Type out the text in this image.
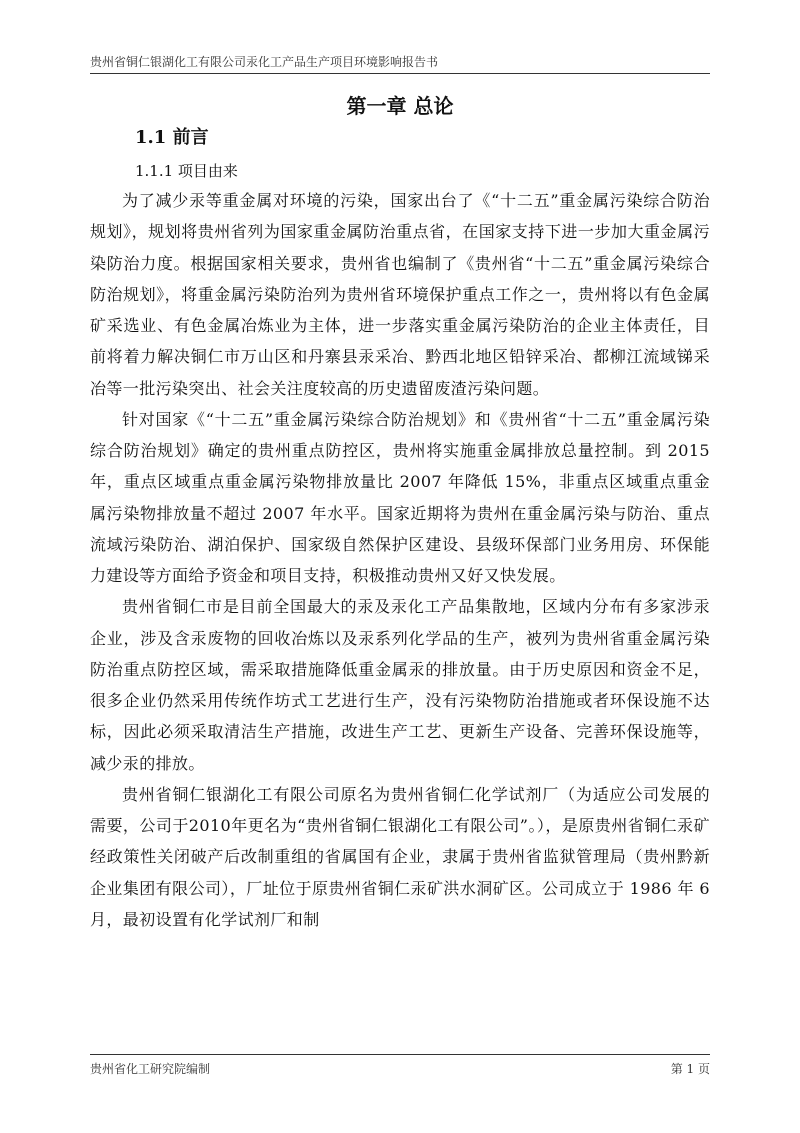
贵州省铜仁银湖化工有限公司汞化工产品生产项目环境影响报告书
第一章 总论
1.1 前言
1.1.1 项目由来

为了减少汞等重金属对环境的污染，国家出台了《“十二五”重金属污染综合防治规划》，规划将贵州省列为国家重金属防治重点省，在国家支持下进一步加大重金属污染防治力度。根据国家相关要求，贵州省也编制了《贵州省“十二五”重金属污染综合防治规划》，将重金属污染防治列为贵州省环境保护重点工作之一，贵州将以有色金属矿采选业、有色金属冶炼业为主体，进一步落实重金属污染防治的企业主体责任，目前将着力解决铜仁市万山区和丹寨县汞采冶、黔西北地区铅锌采冶、都柳江流域锑采冶等一批污染突出、社会关注度较高的历史遗留废渣污染问题。

针对国家《“十二五”重金属污染综合防治规划》和《贵州省“十二五”重金属污染综合防治规划》确定的贵州重点防控区，贵州将实施重金属排放总量控制。到 2015 年，重点区域重点重金属污染物排放量比 2007 年降低 15%，非重点区域重点重金属污染物排放量不超过 2007 年水平。国家近期将为贵州在重金属污染与防治、重点流域污染防治、湖泊保护、国家级自然保护区建设、县级环保部门业务用房、环保能力建设等方面给予资金和项目支持，积极推动贵州又好又快发展。

贵州省铜仁市是目前全国最大的汞及汞化工产品集散地，区域内分布有多家涉汞企业，涉及含汞废物的回收冶炼以及汞系列化学品的生产，被列为贵州省重金属污染防治重点防控区域，需采取措施降低重金属汞的排放量。由于历史原因和资金不足，很多企业仍然采用传统作坊式工艺进行生产，没有污染物防治措施或者环保设施不达标，因此必须采取清洁生产措施，改进生产工艺、更新生产设备、完善环保设施等，减少汞的排放。

贵州省铜仁银湖化工有限公司原名为贵州省铜仁化学试剂厂（为适应公司发展的需要，公司于2010年更名为“贵州省铜仁银湖化工有限公司”。），是原贵州省铜仁汞矿经政策性关闭破产后改制重组的省属国有企业，隶属于贵州省监狱管理局（贵州黔新企业集团有限公司），厂址位于原贵州省铜仁汞矿洪水洞矿区。公司成立于 1986 年 6 月，最初设置有化学试剂厂和制

贵州省化工研究院编制	第 1 页
